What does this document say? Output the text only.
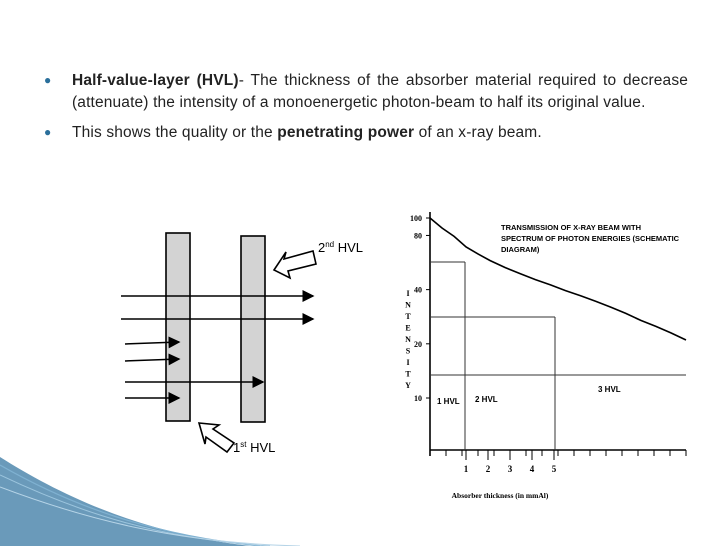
● Half-value-layer (HVL)- The thickness of the absorber material required to decrease (attenuate) the intensity of a monoenergetic photon-beam to half its original value.
● This shows the quality or the penetrating power of an x-ray beam.
2nd HVL
1st HVL
100
80
40
20
10
1 2 3 4 5
1 HVL 2 HVL
3 HVL
TRANSMISSION OF X-RAY BEAM WITH
SPECTRUM OF PHOTON ENERGIES (SCHEMATIC
DIAGRAM)
I
N
T
E
N
S
I
T
Y
Absorber thickness (in mmAl)
